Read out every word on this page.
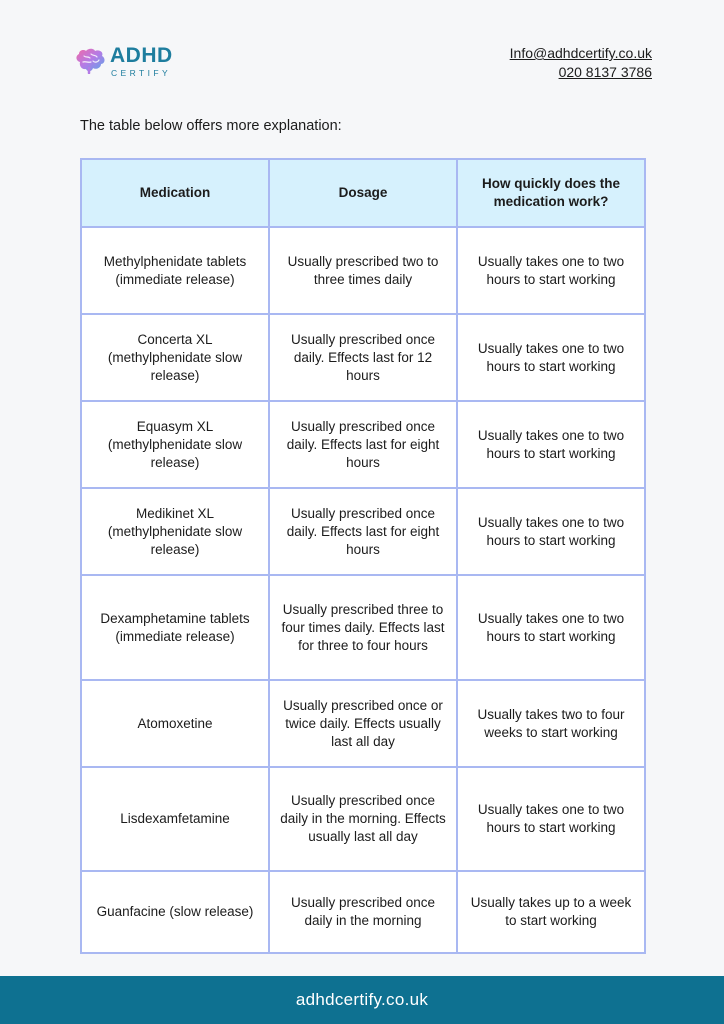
ADHD
CERTIFY
Info@adhdcertify.co.uk
020 8137 3786

The table below offers more explanation:

Medication	Dosage	How quickly does the medication work?
Methylphenidate tablets (immediate release)	Usually prescribed two to three times daily	Usually takes one to two hours to start working
Concerta XL (methylphenidate slow release)	Usually prescribed once daily. Effects last for 12 hours	Usually takes one to two hours to start working
Equasym XL (methylphenidate slow release)	Usually prescribed once daily. Effects last for eight hours	Usually takes one to two hours to start working
Medikinet XL (methylphenidate slow release)	Usually prescribed once daily. Effects last for eight hours	Usually takes one to two hours to start working
Dexamphetamine tablets (immediate release)	Usually prescribed three to four times daily. Effects last for three to four hours	Usually takes one to two hours to start working
Atomoxetine	Usually prescribed once or twice daily. Effects usually last all day	Usually takes two to four weeks to start working
Lisdexamfetamine	Usually prescribed once daily in the morning. Effects usually last all day	Usually takes one to two hours to start working
Guanfacine (slow release)	Usually prescribed once daily in the morning	Usually takes up to a week to start working
adhdcertify.co.uk
